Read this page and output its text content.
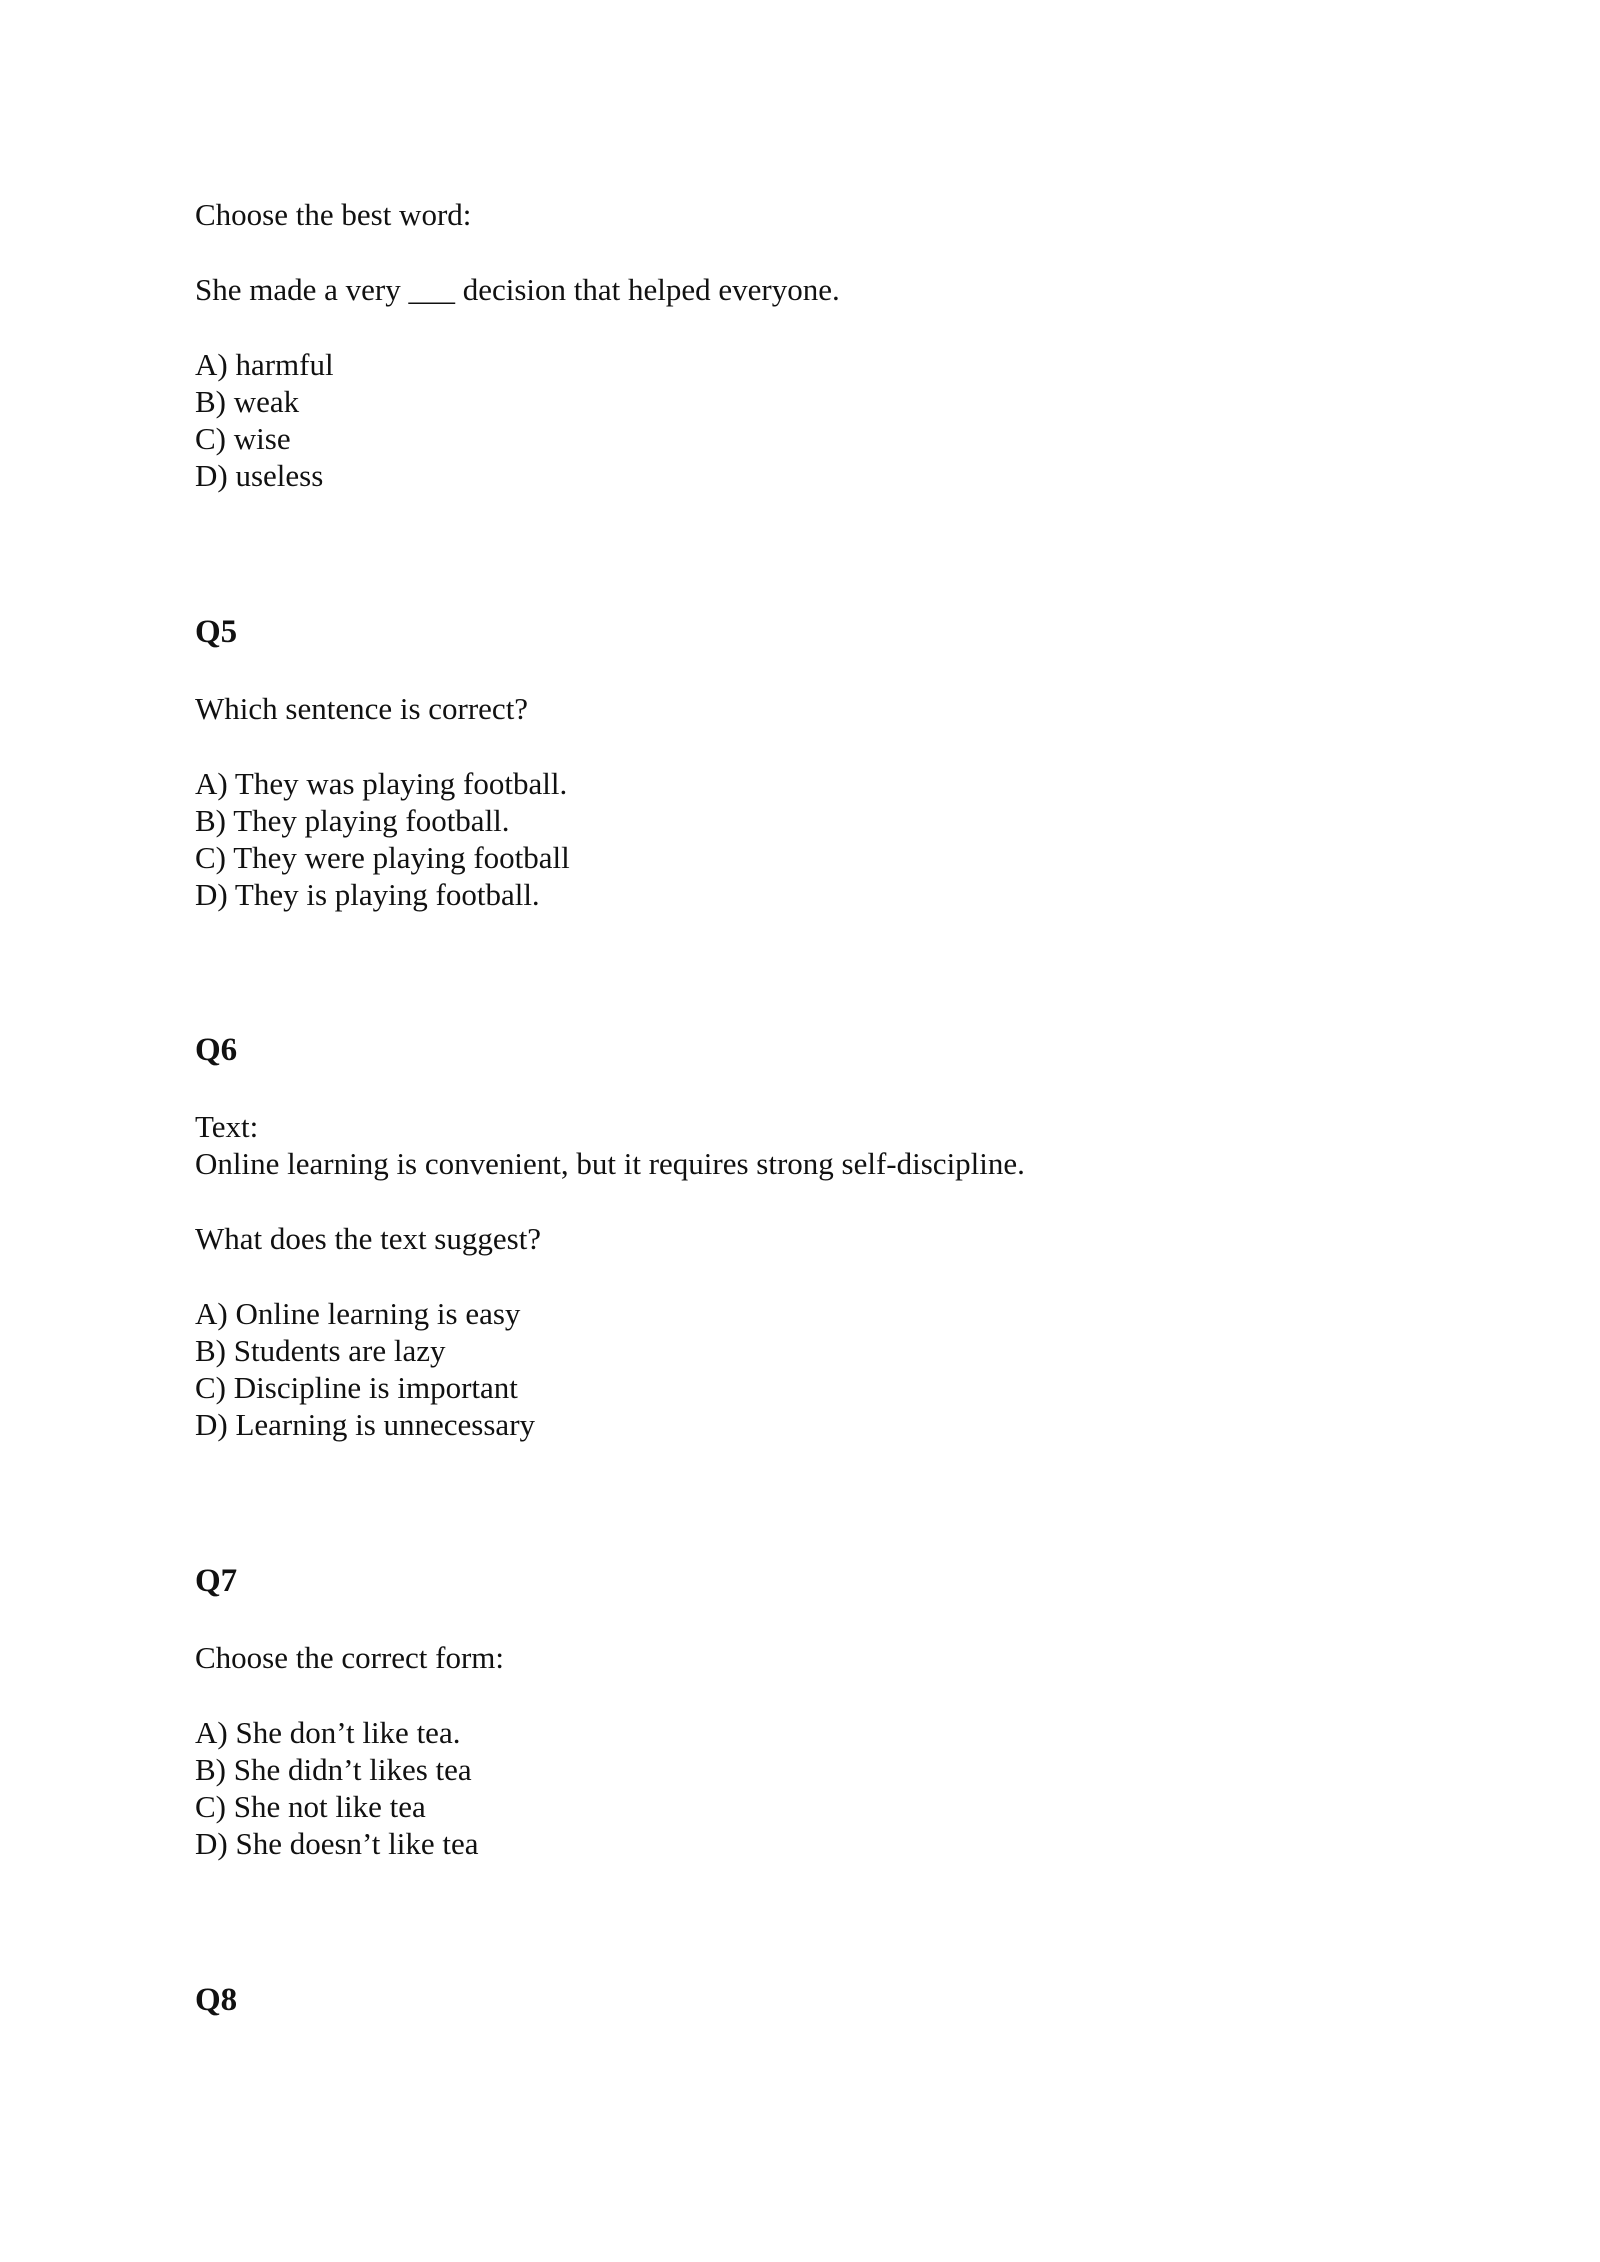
Choose the best word:
She made a very ___ decision that helped everyone.
A) harmful
B) weak
C) wise
D) useless
Q5
Which sentence is correct?
A) They was playing football.
B) They playing football.
C) They were playing football
D) They is playing football.
Q6
Text:
Online learning is convenient, but it requires strong self-discipline.
What does the text suggest?
A) Online learning is easy
B) Students are lazy
C) Discipline is important
D) Learning is unnecessary
Q7
Choose the correct form:
A) She don’t like tea.
B) She didn’t likes tea
C) She not like tea
D) She doesn’t like tea
Q8
